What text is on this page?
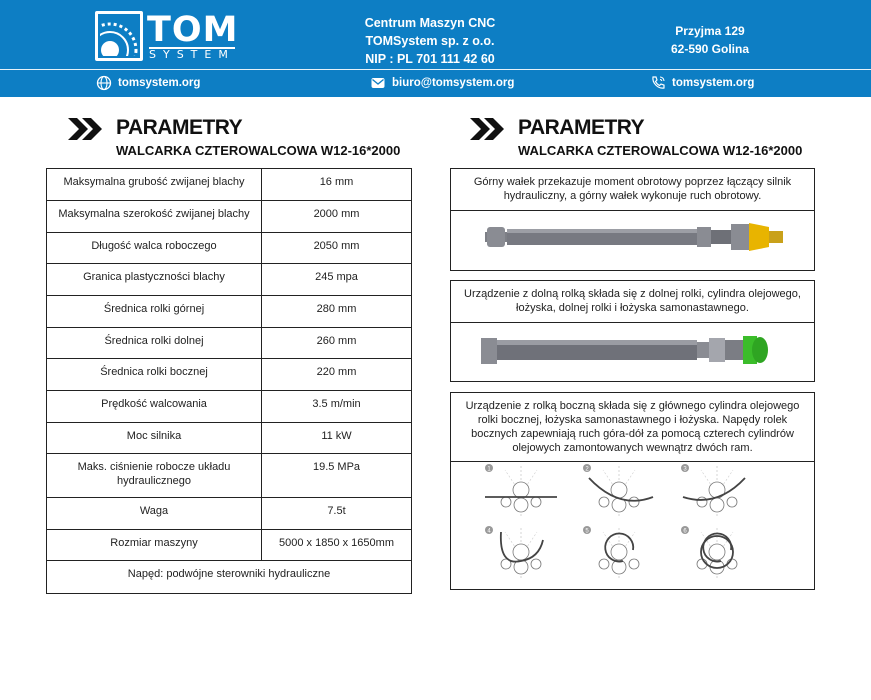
TOM
SYSTEM
Centrum Maszyn CNC
TOMSystem sp. z o.o.
NIP : PL 701 111 42 60
Przyjma 129
62-590 Golina
tomsystem.org	biuro@tomsystem.org	tomsystem.org
PARAMETRY
WALCARKA CZTEROWALCOWA W12-16*2000
PARAMETRY
WALCARKA CZTEROWALCOWA W12-16*2000
Maksymalna grubość zwijanej blachy	16 mm
Maksymalna szerokość zwijanej blachy	2000 mm
Długość walca roboczego	2050 mm
Granica plastyczności blachy	245 mpa
Średnica rolki górnej	280 mm
Średnica rolki dolnej	260 mm
Średnica rolki bocznej	220 mm
Prędkość walcowania	3.5 m/min
Moc silnika	11 kW
Maks. ciśnienie robocze układu hydraulicznego	19.5 MPa
Waga	7.5t
Rozmiar maszyny	5000 x 1850 x 1650mm
Napęd: podwójne sterowniki hydrauliczne	
Górny wałek przekazuje moment obrotowy poprzez łączący silnik hydrauliczny, a górny wałek wykonuje ruch obrotowy.
Urządzenie z dolną rolką składa się z dolnej rolki, cylindra olejowego, łożyska, dolnej rolki i łożyska samonastawnego.
Urządzenie z rolką boczną składa się z głównego cylindra olejowego rolki bocznej, łożyska samonastawnego i łożyska. Napędy rolek bocznych zapewniają ruch góra-dół za pomocą czterech cylindrów olejowych zamontowanych wewnątrz dwóch ram.
1	2	3
4	5	6
